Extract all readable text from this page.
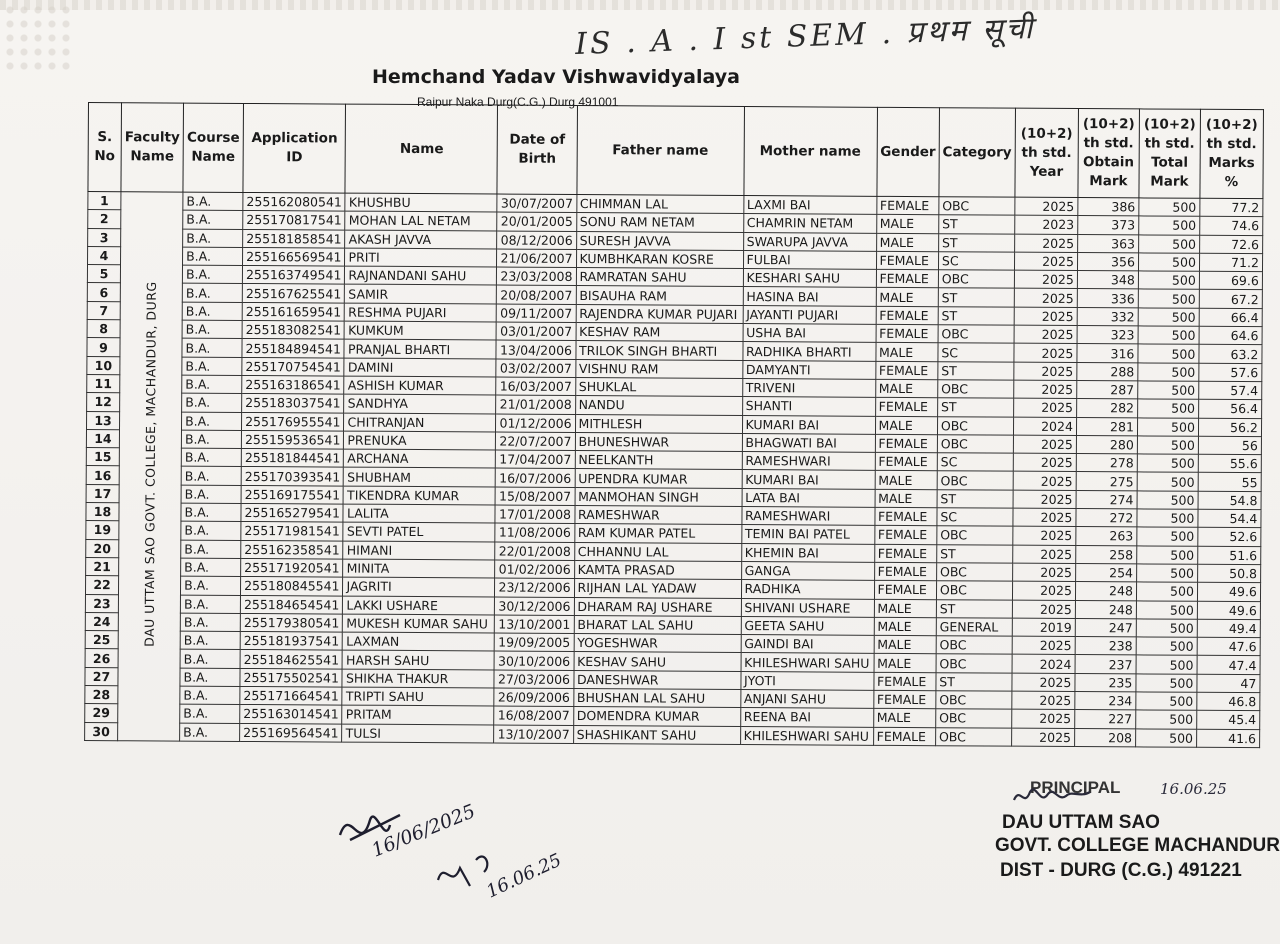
IS . A . I st SEM . प्रथम सूची
Hemchand Yadav Vishwavidyalaya
Raipur Naka Durg(C.G.) Durg 491001
S. No	Faculty Name	Course Name	Application ID	Name	Date of Birth	Father name	Mother name	Gender	Category	(10+2) th std. Year	(10+2) th std. Obtain Mark	(10+2) th std. Total Mark	(10+2) th std. Marks %
1	DAU UTTAM SAO GOVT. COLLEGE, MACHANDUR, DURG	B.A.	255162080541	KHUSHBU	30/07/2007	CHIMMAN LAL	LAXMI BAI	FEMALE	OBC	2025	386	500	77.2
2		B.A.	255170817541	MOHAN LAL NETAM	20/01/2005	SONU RAM NETAM	CHAMRIN NETAM	MALE	ST	2023	373	500	74.6
3		B.A.	255181858541	AKASH JAVVA	08/12/2006	SURESH JAVVA	SWARUPA JAVVA	MALE	ST	2025	363	500	72.6
4		B.A.	255166569541	PRITI	21/06/2007	KUMBHKARAN KOSRE	FULBAI	FEMALE	SC	2025	356	500	71.2
5		B.A.	255163749541	RAJNANDANI SAHU	23/03/2008	RAMRATAN SAHU	KESHARI SAHU	FEMALE	OBC	2025	348	500	69.6
6		B.A.	255167625541	SAMIR	20/08/2007	BISAUHA RAM	HASINA BAI	MALE	ST	2025	336	500	67.2
7		B.A.	255161659541	RESHMA PUJARI	09/11/2007	RAJENDRA KUMAR PUJARI	JAYANTI PUJARI	FEMALE	ST	2025	332	500	66.4
8		B.A.	255183082541	KUMKUM	03/01/2007	KESHAV RAM	USHA BAI	FEMALE	OBC	2025	323	500	64.6
9		B.A.	255184894541	PRANJAL BHARTI	13/04/2006	TRILOK SINGH BHARTI	RADHIKA BHARTI	MALE	SC	2025	316	500	63.2
10		B.A.	255170754541	DAMINI	03/02/2007	VISHNU RAM	DAMYANTI	FEMALE	ST	2025	288	500	57.6
11		B.A.	255163186541	ASHISH KUMAR	16/03/2007	SHUKLAL	TRIVENI	MALE	OBC	2025	287	500	57.4
12		B.A.	255183037541	SANDHYA	21/01/2008	NANDU	SHANTI	FEMALE	ST	2025	282	500	56.4
13		B.A.	255176955541	CHITRANJAN	01/12/2006	MITHLESH	KUMARI BAI	MALE	OBC	2024	281	500	56.2
14		B.A.	255159536541	PRENUKA	22/07/2007	BHUNESHWAR	BHAGWATI BAI	FEMALE	OBC	2025	280	500	56
15		B.A.	255181844541	ARCHANA	17/04/2007	NEELKANTH	RAMESHWARI	FEMALE	SC	2025	278	500	55.6
16		B.A.	255170393541	SHUBHAM	16/07/2006	UPENDRA KUMAR	KUMARI BAI	MALE	OBC	2025	275	500	55
17		B.A.	255169175541	TIKENDRA KUMAR	15/08/2007	MANMOHAN SINGH	LATA BAI	MALE	ST	2025	274	500	54.8
18		B.A.	255165279541	LALITA	17/01/2008	RAMESHWAR	RAMESHWARI	FEMALE	SC	2025	272	500	54.4
19		B.A.	255171981541	SEVTI PATEL	11/08/2006	RAM KUMAR PATEL	TEMIN BAI PATEL	FEMALE	OBC	2025	263	500	52.6
20		B.A.	255162358541	HIMANI	22/01/2008	CHHANNU LAL	KHEMIN BAI	FEMALE	ST	2025	258	500	51.6
21		B.A.	255171920541	MINITA	01/02/2006	KAMTA PRASAD	GANGA	FEMALE	OBC	2025	254	500	50.8
22		B.A.	255180845541	JAGRITI	23/12/2006	RIJHAN LAL YADAW	RADHIKA	FEMALE	OBC	2025	248	500	49.6
23		B.A.	255184654541	LAKKI USHARE	30/12/2006	DHARAM RAJ USHARE	SHIVANI USHARE	MALE	ST	2025	248	500	49.6
24		B.A.	255179380541	MUKESH KUMAR SAHU	13/10/2001	BHARAT LAL SAHU	GEETA SAHU	MALE	GENERAL	2019	247	500	49.4
25		B.A.	255181937541	LAXMAN	19/09/2005	YOGESHWAR	GAINDI BAI	MALE	OBC	2025	238	500	47.6
26		B.A.	255184625541	HARSH SAHU	30/10/2006	KESHAV SAHU	KHILESHWARI SAHU	MALE	OBC	2024	237	500	47.4
27		B.A.	255175502541	SHIKHA THAKUR	27/03/2006	DANESHWAR	JYOTI	FEMALE	ST	2025	235	500	47
28		B.A.	255171664541	TRIPTI SAHU	26/09/2006	BHUSHAN LAL SAHU	ANJANI SAHU	FEMALE	OBC	2025	234	500	46.8
29		B.A.	255163014541	PRITAM	16/08/2007	DOMENDRA KUMAR	REENA BAI	MALE	OBC	2025	227	500	45.4
30		B.A.	255169564541	TULSI	13/10/2007	SHASHIKANT SAHU	KHILESHWARI SAHU	FEMALE	OBC	2025	208	500	41.6
PRINCIPAL
DAU UTTAM SAO
GOVT. COLLEGE MACHANDUR
DIST - DURG (C.G.) 491221
16.06.25
16/06/2025
16.06.25
